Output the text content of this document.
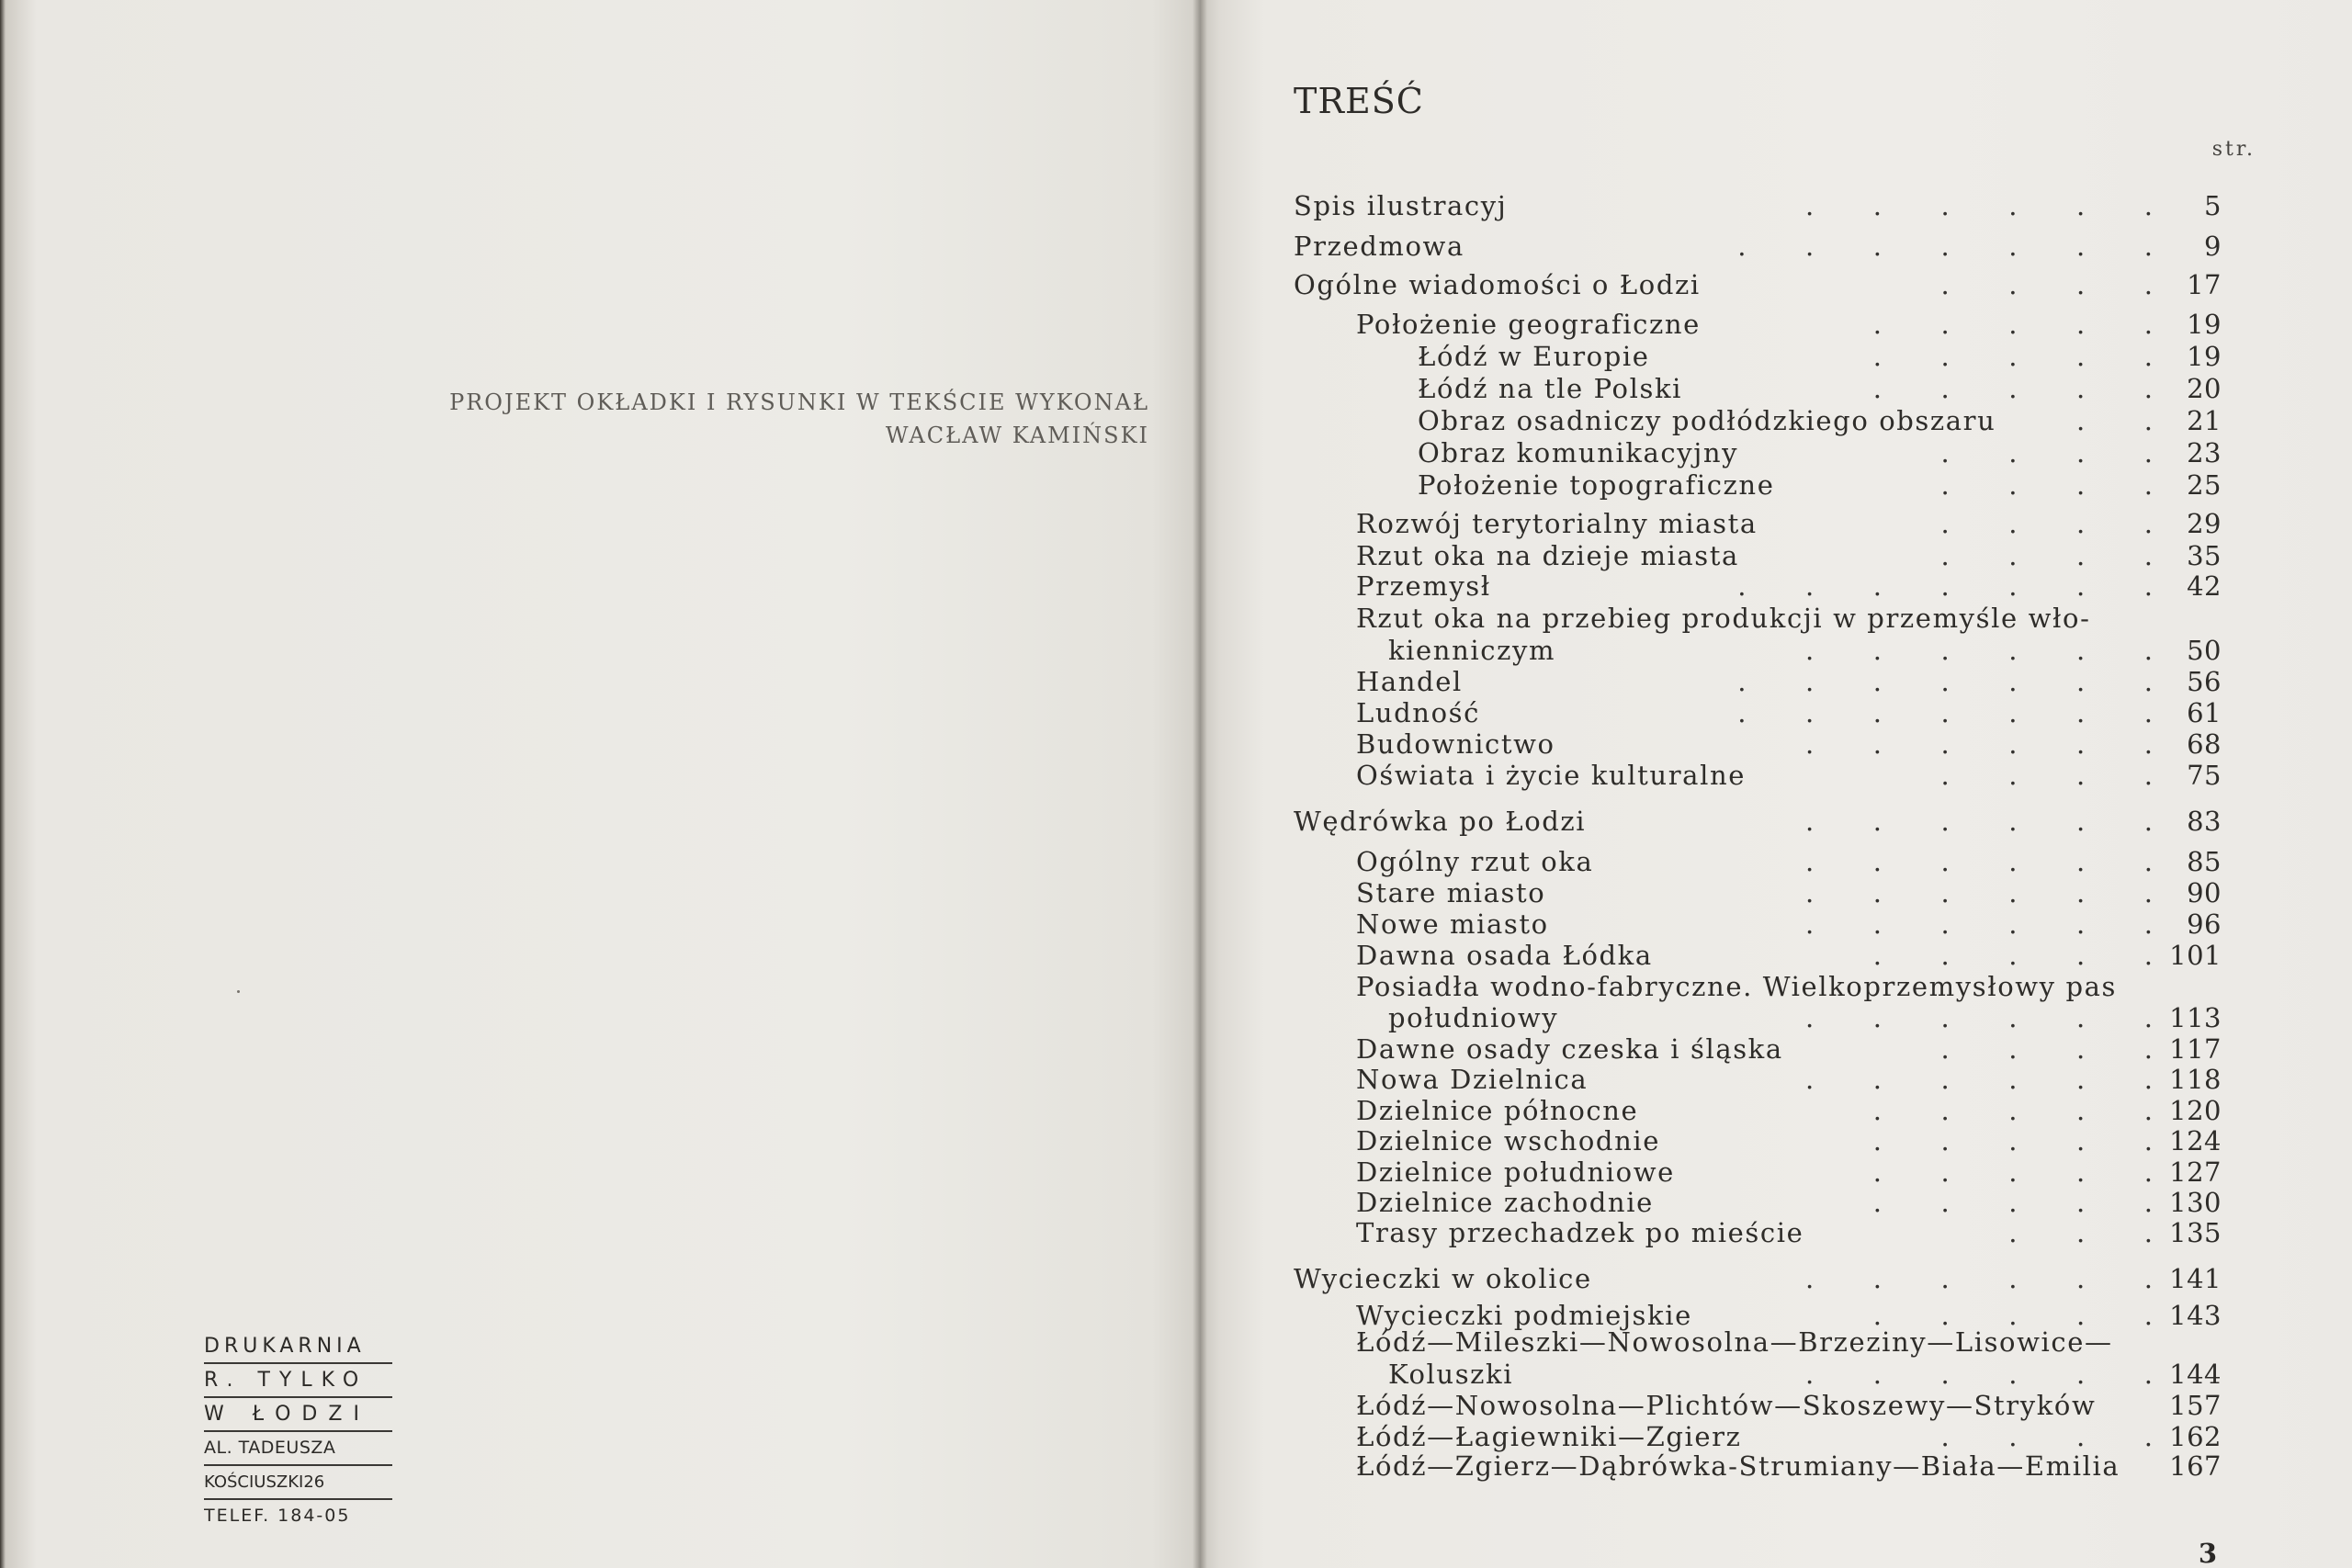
PROJEKT OKŁADKI I RYSUNKI W TEKŚCIE WYKONAŁ
WACŁAW KAMIŃSKI
DRUKARNIA
R. TYLKO
W ŁODZI
AL. TADEUSZA
KOŚCIUSZKI26
TELEF. 184-05
TREŚĆ
str.
Spis ilustracyj	.       .       .       .       .       .	5
Przedmowa	.       .       .       .       .       .       .	9
Ogólne wiadomości o Łodzi	.       .       .       .	17
Położenie geograficzne	.       .       .       .       .	19
Łódź w Europie	.       .       .       .       .	19
Łódź na tle Polski	.       .       .       .       .	20
Obraz osadniczy podłódzkiego obszaru	.       .	21
Obraz komunikacyjny	.       .       .       .	23
Położenie topograficzne	.       .       .       .	25
Rozwój terytorialny miasta	.       .       .       .	29
Rzut oka na dzieje miasta	.       .       .       .	35
Przemysł	.       .       .       .       .       .       .	42
Rzut oka na przebieg produkcji w przemyśle wło-
kienniczym	.       .       .       .       .       .	50
Handel	.       .       .       .       .       .       .	56
Ludność	.       .       .       .       .       .       .	61
Budownictwo	.       .       .       .       .       .	68
Oświata i życie kulturalne	.       .       .       .	75
Wędrówka po Łodzi	.       .       .       .       .       .	83
Ogólny rzut oka	.       .       .       .       .       .	85
Stare miasto	.       .       .       .       .       .	90
Nowe miasto	.       .       .       .       .       .	96
Dawna osada Łódka	.       .       .       .       . 101
Posiadła wodno-fabryczne. Wielkoprzemysłowy pas
południowy	.       .       .       .       .       . 113
Dawne osady czeska i śląska	.       .       .       . 117
Nowa Dzielnica	.       .       .       .       .       . 118
Dzielnice północne	.       .       .       .       . 120
Dzielnice wschodnie	.       .       .       .       . 124
Dzielnice południowe	.       .       .       .       . 127
Dzielnice zachodnie	.       .       .       .       . 130
Trasy przechadzek po mieście	.       .       . 135
Wycieczki w okolice	.       .       .       .       .       . 141
Wycieczki podmiejskie	.       .       .       .       . 143
Łódź—Mileszki—Nowosolna—Brzeziny—Lisowice—
Koluszki	.       .       .       .       .       . 144
Łódź—Nowosolna—Plichtów—Skoszewy—Stryków	157
Łódź—Łagiewniki—Zgierz	.       .       .       . 162
Łódź—Zgierz—Dąbrówka-Strumiany—Biała—Emilia	167
3
